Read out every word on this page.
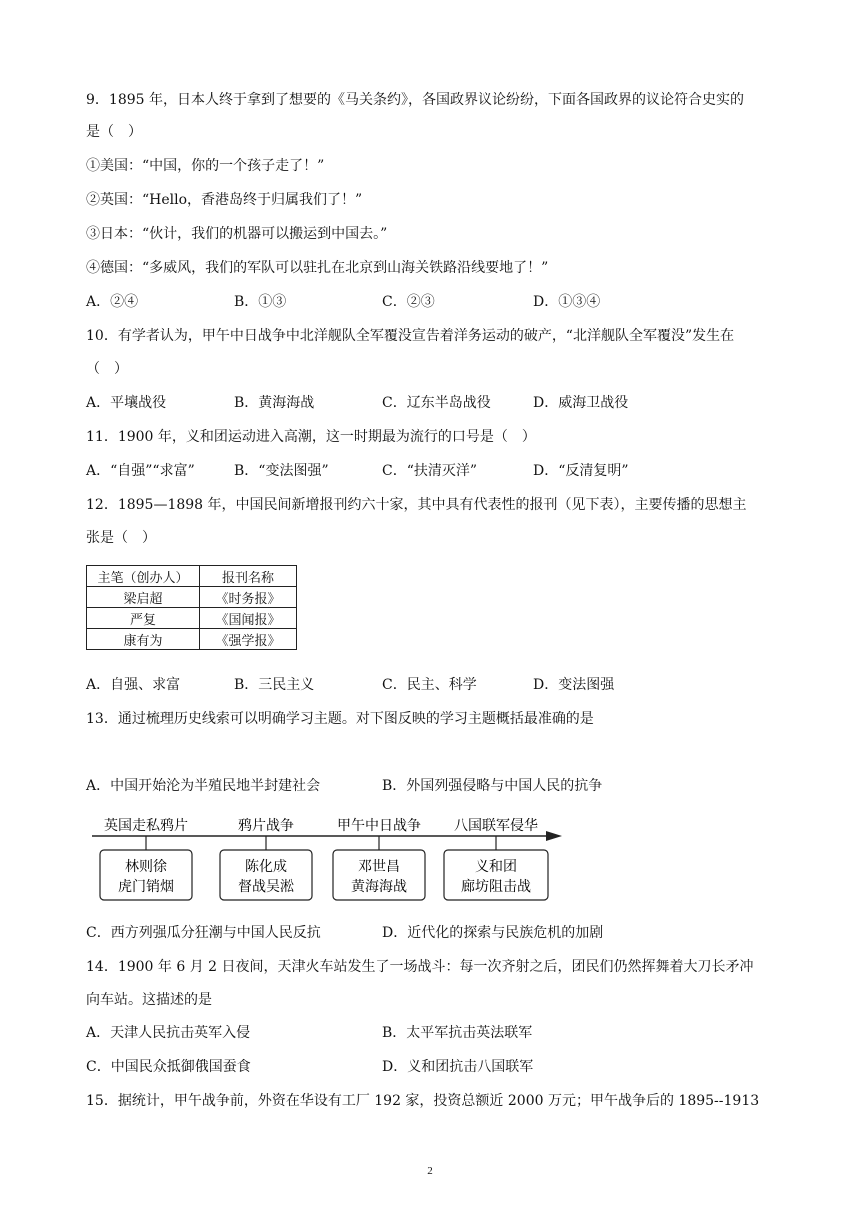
9．1895 年，日本人终于拿到了想要的《马关条约》，各国政界议论纷纷，下面各国政界的议论符合史实的
是（　）
①美国：“中国，你的一个孩子走了！”
②英国：“Hello，香港岛终于归属我们了！”
③日本：“伙计，我们的机器可以搬运到中国去。”
④德国：“多威风，我们的军队可以驻扎在北京到山海关铁路沿线要地了！”
A．②④	B．①③	C．②③	D．①③④
10．有学者认为，甲午中日战争中北洋舰队全军覆没宣告着洋务运动的破产，“北洋舰队全军覆没”发生在
（　）
A．平壤战役	B．黄海海战	C．辽东半岛战役	D．威海卫战役
11．1900 年，义和团运动进入高潮，这一时期最为流行的口号是（　）
A．“自强”“求富”	B．“变法图强”	C．“扶清灭洋”	D．“反清复明”
12．1895—1898 年，中国民间新增报刊约六十家，其中具有代表性的报刊（见下表），主要传播的思想主
张是（　）
主笔（创办人）	报刊名称
梁启超	《时务报》
严复	《国闻报》
康有为	《强学报》
A．自强、求富	B．三民主义	C．民主、科学	D．变法图强
13．通过梳理历史线索可以明确学习主题。对下图反映的学习主题概括最准确的是
A．中国开始沦为半殖民地半封建社会	B．外国列强侵略与中国人民的抗争
英国走私鸦片	鸦片战争	甲午中日战争 八国联军侵华
林则徐
虎门销烟
陈化成
督战吴淞
邓世昌
黄海海战
义和团
廊坊阻击战
C．西方列强瓜分狂潮与中国人民反抗	D．近代化的探索与民族危机的加剧
14．1900 年 6 月 2 日夜间，天津火车站发生了一场战斗：每一次齐射之后，团民们仍然挥舞着大刀长矛冲
向车站。这描述的是
A．天津人民抗击英军入侵	B．太平军抗击英法联军
C．中国民众抵御俄国蚕食	D．义和团抗击八国联军
15．据统计，甲午战争前，外资在华设有工厂 192 家，投资总额近 2000 万元；甲午战争后的 1895--1913
2
